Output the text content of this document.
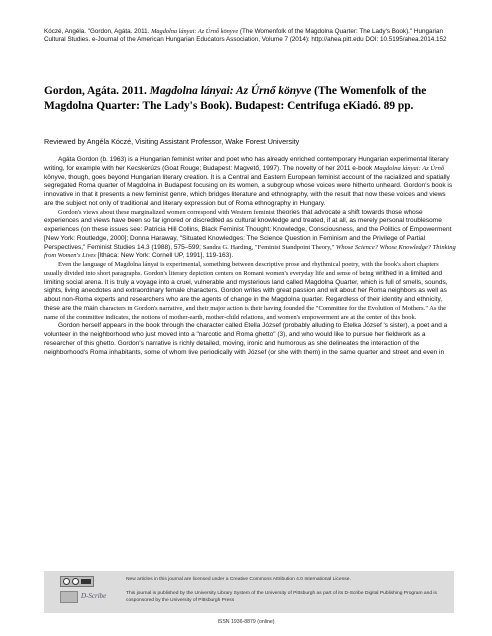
Kóczé, Angéla. "Gordon, Agáta. 2011. Magdolna lányai: Az Úrnő könyve (The Womenfolk of the Magdolna Quarter: The Lady's Book)." Hungarian Cultural Studies. e-Journal of the American Hungarian Educators Association, Volume 7 (2014): http://ahea.pitt.edu DOI: 10.5195/ahea.2014.152
Gordon, Agáta. 2011. Magdolna lányai: Az Úrnő könyve (The Womenfolk of the Magdolna Quarter: The Lady's Book). Budapest: Centrifuga eKiadó. 89 pp.
Reviewed by Angéla Kóczé, Visiting Assistant Professor, Wake Forest University

Agáta Gordon (b. 1963) is a Hungarian feminist writer and poet who has already enriched contemporary Hungarian experimental literary writing, for example with her Kecskerúzs (Goat Rouge; Budapest: Magvető, 1997). The novelty of her 2011 e-book Magdolna lányai: Az Úrnő könyve, though, goes beyond Hungarian literary creation. It is a Central and Eastern European feminist account of the racialized and spatially segregated Roma quarter of Magdolna in Budapest focusing on its women, a subgroup whose voices were hitherto unheard. Gordon's book is innovative in that it presents a new feminist genre, which bridges literature and ethnography, with the result that now these voices and views are the subject not only of traditional and literary expression but of Roma ethnography in Hungary.

Gordon's views about these marginalized women correspond with Western feminist theories that advocate a shift towards those whose experiences and views have been so far ignored or discredited as cultural knowledge and treated, if at all, as merely personal troublesome experiences (on these issues see: Patricia Hill Collins, Black Feminist Thought: Knowledge, Consciousness, and the Politics of Empowerment [New York: Routledge, 2000]; Donna Haraway, "Situated Knowledges: The Science Question in Feminism and the Privilege of Partial Perspectives," Feminist Studies 14.3 (1988), 575–599; Sandra G. Harding, "Feminist Standpoint Theory," Whose Science? Whose Knowledge? Thinking from Women's Lives [Ithaca: New York: Cornell UP, 1991], 119-163).

Even the language of Magdolna lányai is experimental, something between descriptive prose and rhythmical poetry, with the book's short chapters usually divided into short paragraphs. Gordon's literary depiction centers on Romani women's everyday life and sense of being writhed in a limited and limiting social arena. It is truly a voyage into a cruel, vulnerable and mysterious land called Magdolna Quarter, which is full of smells, sounds, sights, living anecdotes and extraordinary female characters. Gordon writes with great passion and wit about her Roma neighbors as well as about non-Roma experts and researchers who are the agents of change in the Magdolna quarter. Regardless of their identity and ethnicity, these are the main characters in Gordon's narrative, and their major action is their having founded the "Committee for the Evolution of Mothers." As the name of the committee indicates, the notions of mother-earth, mother-child relations, and women's empowerment are at the center of this book.

Gordon herself appears in the book through the character called Etella József (probably alluding to Etelka József 's sister), a poet and a volunteer in the neighborhood who just moved into a "narcotic and Roma ghetto" (3), and who would like to pursue her fieldwork as a researcher of this ghetto. Gordon's narrative is richly detailed, moving, ironic and humorous as she delineates the interaction of the neighborhood's Roma inhabitants, some of whom live periodically with József (or she with them) in the same quarter and street and even in

D-Scribe
New articles in this journal are licensed under a Creative Commons Attribution 4.0 International License.
This journal is published by the University Library System of the University of Pittsburgh as part of its D-Scribe Digital Publishing Program and is cosponsored by the University of Pittsburgh Press
ISSN 1936-8879 (online)
